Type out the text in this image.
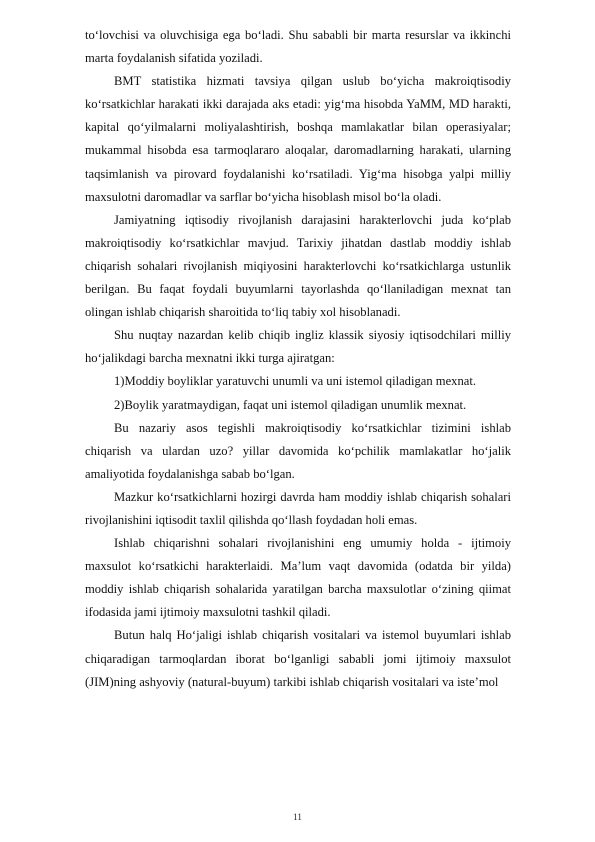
to‘lovchisi va oluvchisiga ega bo‘ladi. Shu sababli bir marta resurslar va ikkinchi marta foydalanish sifatida yoziladi.

BMT statistika hizmati tavsiya qilgan uslub bo‘yicha makroiqtisodiy ko‘rsatkichlar harakati ikki darajada aks etadi: yig‘ma hisobda YaMM, MD harakti, kapital qo‘yilmalarni moliyalashtirish, boshqa mamlakatlar bilan operasiyalar; mukammal hisobda esa tarmoqlararo aloqalar, daromadlarning harakati, ularning taqsimlanish va pirovard foydalanishi ko‘rsatiladi. Yig‘ma hisobga yalpi milliy maxsulotni daromadlar va sarflar bo‘yicha hisoblash misol bo‘la oladi.

Jamiyatning iqtisodiy rivojlanish darajasini harakterlovchi juda ko‘plab makroiqtisodiy ko‘rsatkichlar mavjud. Tarixiy jihatdan dastlab moddiy ishlab chiqarish sohalari rivojlanish miqiyosini harakterlovchi ko‘rsatkichlarga ustunlik berilgan. Bu faqat foydali buyumlarni tayorlashda qo‘llaniladigan mexnat tan olingan ishlab chiqarish sharoitida to‘liq tabiy xol hisoblanadi.

Shu nuqtay nazardan kelib chiqib ingliz klassik siyosiy iqtisodchilari milliy ho‘jalikdagi barcha mexnatni ikki turga ajiratgan:

1)Moddiy boyliklar yaratuvchi unumli va uni istemol qiladigan mexnat.

2)Boylik yaratmaydigan, faqat uni istemol qiladigan unumlik mexnat.

Bu nazariy asos tegishli makroiqtisodiy ko‘rsatkichlar tizimini ishlab chiqarish va ulardan uzo? yillar davomida ko‘pchilik mamlakatlar ho‘jalik amaliyotida foydalanishga sabab bo‘lgan.

Mazkur ko‘rsatkichlarni hozirgi davrda ham moddiy ishlab chiqarish sohalari rivojlanishini iqtisodit taxlil qilishda qo‘llash foydadan holi emas.

Ishlab chiqarishni sohalari rivojlanishini eng umumiy holda - ijtimoiy maxsulot ko‘rsatkichi harakterlaidi. Ma’lum vaqt davomida (odatda bir yilda) moddiy ishlab chiqarish sohalarida yaratilgan barcha maxsulotlar o‘zining qiimat ifodasida jami ijtimoiy maxsulotni tashkil qiladi.

Butun halq Ho‘jaligi ishlab chiqarish vositalari va istemol buyumlari ishlab chiqaradigan tarmoqlardan iborat bo‘lganligi sababli jomi ijtimoiy maxsulot (JIM)ning ashyoviy (natural-buyum) tarkibi ishlab chiqarish vositalari va iste’mol

11
